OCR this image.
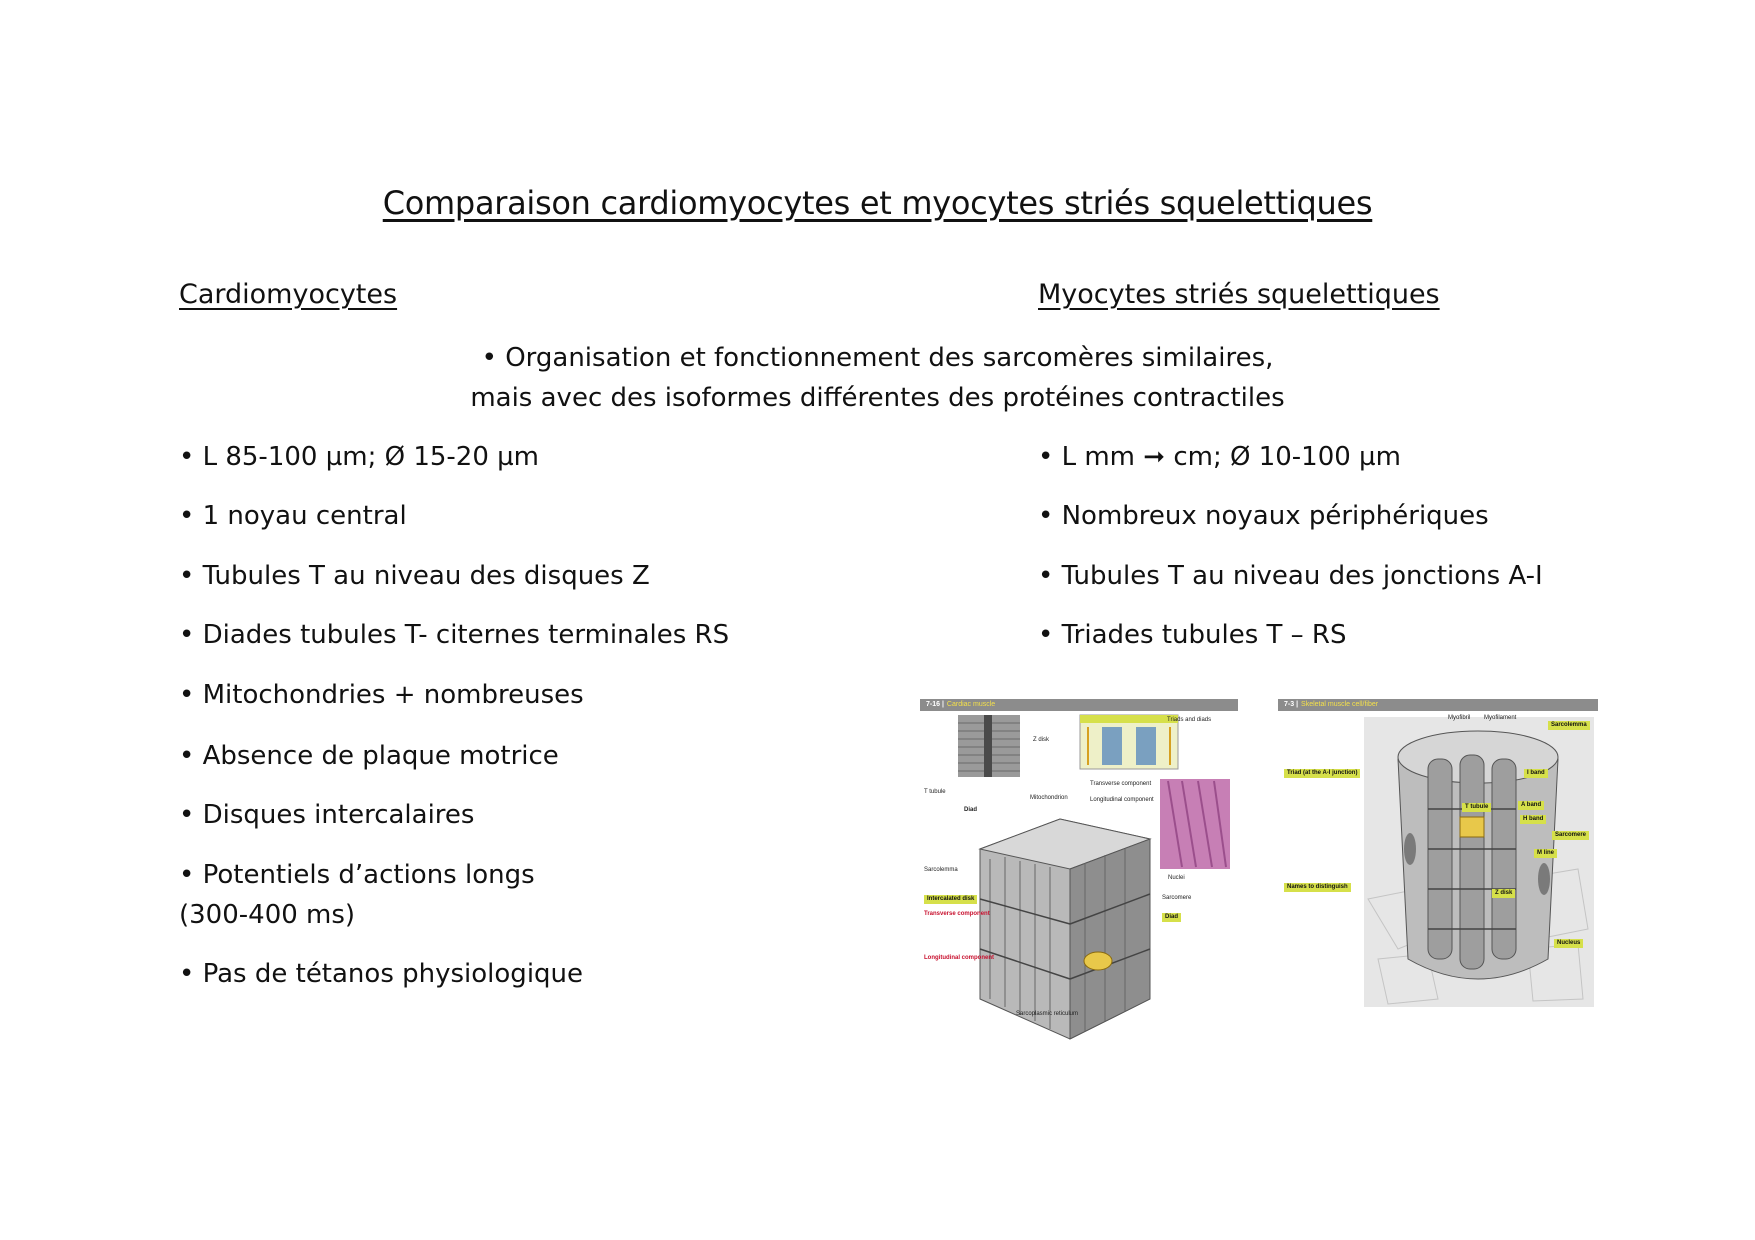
Comparaison cardiomyocytes et myocytes striés squelettiques
Cardiomyocytes	Myocytes striés squelettiques
• Organisation et fonctionnement des sarcomères similaires,
mais avec des isoformes différentes des protéines contractiles
• L 85-100 µm; Ø 15-20 µm
• 1 noyau central
• Tubules T au niveau des disques Z
• Diades tubules T- citernes terminales RS
• Mitochondries + nombreuses
• Absence de plaque motrice
• Disques intercalaires
• Potentiels d’actions longs
(300-400 ms)
• Pas de tétanos physiologique
• L mm ➞ cm; Ø 10-100 µm
• Nombreux noyaux périphériques
• Tubules T au niveau des jonctions A-I
• Triades tubules T – RS
7-16 | Cardiac muscle
Triads and diads
Z disk
T tubule
Diad
Mitochondrion
Transverse component
Longitudinal component
Sarcolemma
Intercalated disk
Transverse component
Nuclei
Sarcomere
Diad
Longitudinal component
Sarcoplasmic reticulum
7-3 | Skeletal muscle cell/fiber
Myofibril Myofilament
Sarcolemma
Triad (at the A-I junction)	I band
A band
T tubule
H band
Sarcomere
M line
Z disk
Names to distinguish
Nucleus
